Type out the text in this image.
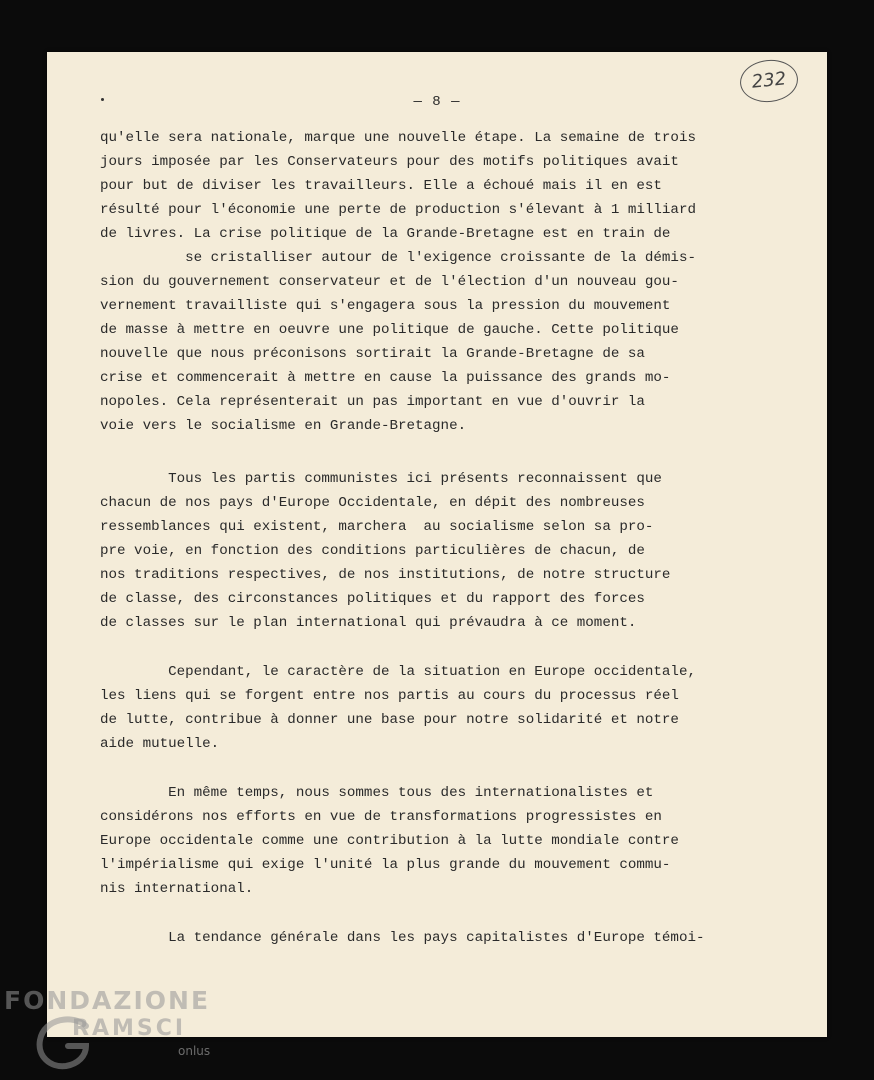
— 8 —
232
qu'elle sera nationale, marque une nouvelle étape. La semaine de trois
jours imposée par les Conservateurs pour des motifs politiques avait
pour but de diviser les travailleurs. Elle a échoué mais il en est
résulté pour l'économie une perte de production s'élevant à 1 milliard
de livres. La crise politique de la Grande-Bretagne est en train de
se cristalliser autour de l'exigence croissante de la démis-
sion du gouvernement conservateur et de l'élection d'un nouveau gou-
vernement travailliste qui s'engagera sous la pression du mouvement
de masse à mettre en oeuvre une politique de gauche. Cette politique
nouvelle que nous préconisons sortirait la Grande-Bretagne de sa
crise et commencerait à mettre en cause la puissance des grands mo-
nopoles. Cela représenterait un pas important en vue d'ouvrir la
voie vers le socialisme en Grande-Bretagne.
Tous les partis communistes ici présents reconnaissent que
chacun de nos pays d'Europe Occidentale, en dépit des nombreuses
ressemblances qui existent, marchera  au socialisme selon sa pro-
pre voie, en fonction des conditions particulières de chacun, de
nos traditions respectives, de nos institutions, de notre structure
de classe, des circonstances politiques et du rapport des forces
de classes sur le plan international qui prévaudra à ce moment.
Cependant, le caractère de la situation en Europe occidentale,
les liens qui se forgent entre nos partis au cours du processus réel
de lutte, contribue à donner une base pour notre solidarité et notre
aide mutuelle.
En même temps, nous sommes tous des internationalistes et
considérons nos efforts en vue de transformations progressistes en
Europe occidentale comme une contribution à la lutte mondiale contre
l'impérialisme qui exige l'unité la plus grande du mouvement commu-
nis international.
La tendance générale dans les pays capitalistes d'Europe témoi-
FONDAZIONE
RAMSCI
onlus
